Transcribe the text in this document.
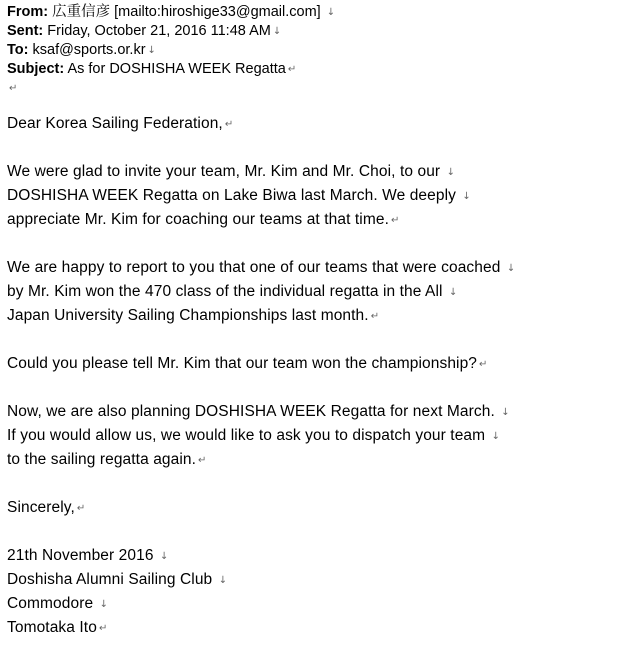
From: 広重信彦 [mailto:hiroshige33@gmail.com] ↓
Sent: Friday, October 21, 2016 11:48 AM ↓
To: ksaf@sports.or.kr ↓
Subject: As for DOSHISHA WEEK Regatta ↵
↵
Dear Korea Sailing Federation, ↵
We were glad to invite your team, Mr. Kim and Mr. Choi, to our ↓
DOSHISHA WEEK Regatta on Lake Biwa last March. We deeply ↓
appreciate Mr. Kim for coaching our teams at that time. ↵
We are happy to report to you that one of our teams that were coached ↓
by Mr. Kim won the 470 class of the individual regatta in the All ↓
Japan University Sailing Championships last month. ↵
Could you please tell Mr. Kim that our team won the championship? ↵
Now, we are also planning DOSHISHA WEEK Regatta for next March. ↓
If you would allow us, we would like to ask you to dispatch your team ↓
to the sailing regatta again. ↵
Sincerely, ↵
21th November 2016 ↓
Doshisha Alumni Sailing Club ↓
Commodore ↓
Tomotaka Ito ↵
